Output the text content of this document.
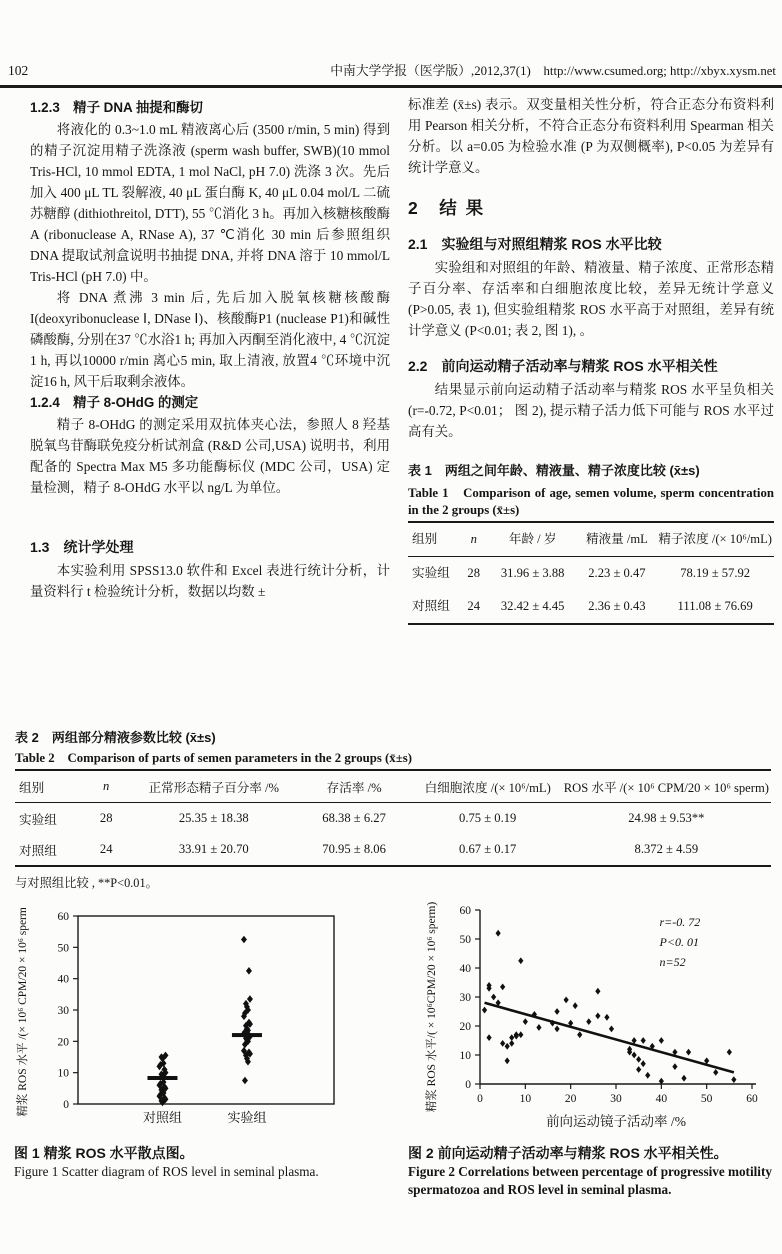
102	中南大学学报（医学版）,2012,37(1)　http://www.csumed.org; http://xbyx.xysm.net

1.2.3　精子 DNA 抽提和酶切

将液化的 0.3~1.0 mL 精液离心后 (3500 r/min, 5 min) 得到的精子沉淀用精子洗涤液 (sperm wash buffer, SWB)(10 mmol Tris-HCl, 10 mmol EDTA, 1 mol NaCl, pH 7.0) 洗涤 3 次。先后加入 400 μL TL 裂解液, 40 μL 蛋白酶 K, 40 μL 0.04 mol/L 二硫苏糖醇 (dithiothreitol, DTT), 55 ℃消化 3 h。再加入核糖核酸酶 A (ribonuclease A, RNase A), 37 ℃消化 30 min 后参照组织 DNA 提取试剂盒说明书抽提 DNA, 并将 DNA 溶于 10 mmol/L Tris-HCl (pH 7.0) 中。

将 DNA 煮沸 3 min 后, 先后加入脱氧核糖核酸酶I(deoxyribonuclease Ⅰ, DNase Ⅰ)、核酸酶P1 (nuclease P1)和碱性磷酸酶, 分别在37 ℃水浴1 h; 再加入丙酮至消化液中, 4 ℃沉淀1 h, 再以10000 r/min 离心5 min, 取上清液, 放置4 ℃环境中沉淀16 h, 风干后取剩余液体。

1.2.4　精子 8-OHdG 的测定

精子 8-OHdG 的测定采用双抗体夹心法，参照人 8 羟基脱氧鸟苷酶联免疫分析试剂盒 (R&D 公司,USA) 说明书，利用配备的 Spectra Max M5 多功能酶标仪 (MDC 公司，USA) 定量检测，精子 8-OHdG 水平以 ng/L 为单位。

1.3　统计学处理

本实验利用 SPSS13.0 软件和 Excel 表进行统计分析，计量资料行 t 检验统计分析，数据以均数 ±

标准差 (x̄±s) 表示。双变量相关性分析，符合正态分布资料利用 Pearson 相关分析，不符合正态分布资料利用 Spearman 相关分析。以 a=0.05 为检验水准 (P 为双侧概率), P<0.05 为差异有统计学意义。

2　结 果

2.1　实验组与对照组精浆 ROS 水平比较

实验组和对照组的年龄、精液量、精子浓度、正常形态精子百分率、存活率和白细胞浓度比较，差异无统计学意义 (P>0.05, 表 1), 但实验组精浆 ROS 水平高于对照组，差异有统计学意义 (P<0.01; 表 2, 图 1), 。

2.2　前向运动精子活动率与精浆 ROS 水平相关性

结果显示前向运动精子活动率与精浆 ROS 水平呈负相关 (r=-0.72, P<0.01； 图 2), 提示精子活力低下可能与 ROS 水平过高有关。

表 1　两组之间年龄、精液量、精子浓度比较 (x̄±s)

Table 1　Comparison of age, semen volume, sperm concentration in the 2 groups (x̄±s)

组别	n	年龄 / 岁	精液量 /mL	精子浓度 /(× 10⁶/mL)
实验组	28	31.96 ± 3.88	2.23 ± 0.47	78.19 ± 57.92
对照组	24	32.42 ± 4.45	2.36 ± 0.43	111.08 ± 76.69

表 2　两组部分精液参数比较 (x̄±s)

Table 2　Comparison of parts of semen parameters in the 2 groups (x̄±s)

组别	n	正常形态精子百分率 /%	存活率 /%	白细胞浓度 /(× 10⁶/mL)	ROS 水平 /(× 10⁶ CPM/20 × 10⁶ sperm)
实验组	28	25.35 ± 18.38	68.38 ± 6.27	0.75 ± 0.19	24.98 ± 9.53**
对照组	24	33.91 ± 20.70	70.95 ± 8.06	0.67 ± 0.17	8.372 ± 4.59

与对照组比较 , **P<0.01。

0
10
20
30
40
50
60
精浆 ROS 水平 /(× 10⁶ CPM/20 × 10⁶ sperm)
对照组	实验组

图 1 精浆 ROS 水平散点图。

Figure 1 Scatter diagram of ROS level in seminal plasma.

0
10
20
30
40
50
60
0	10	20	30	40	50	60
精浆 ROS 水平/( × 10⁶CPM/20 × 10⁶ sperm)
前向运动镜子活动率 /%
r=-0. 72
P<0. 01
n=52

图 2 前向运动精子活动率与精浆 ROS 水平相关性。

Figure 2 Correlations between percentage of progressive motility spermatozoa and ROS level in seminal plasma.
